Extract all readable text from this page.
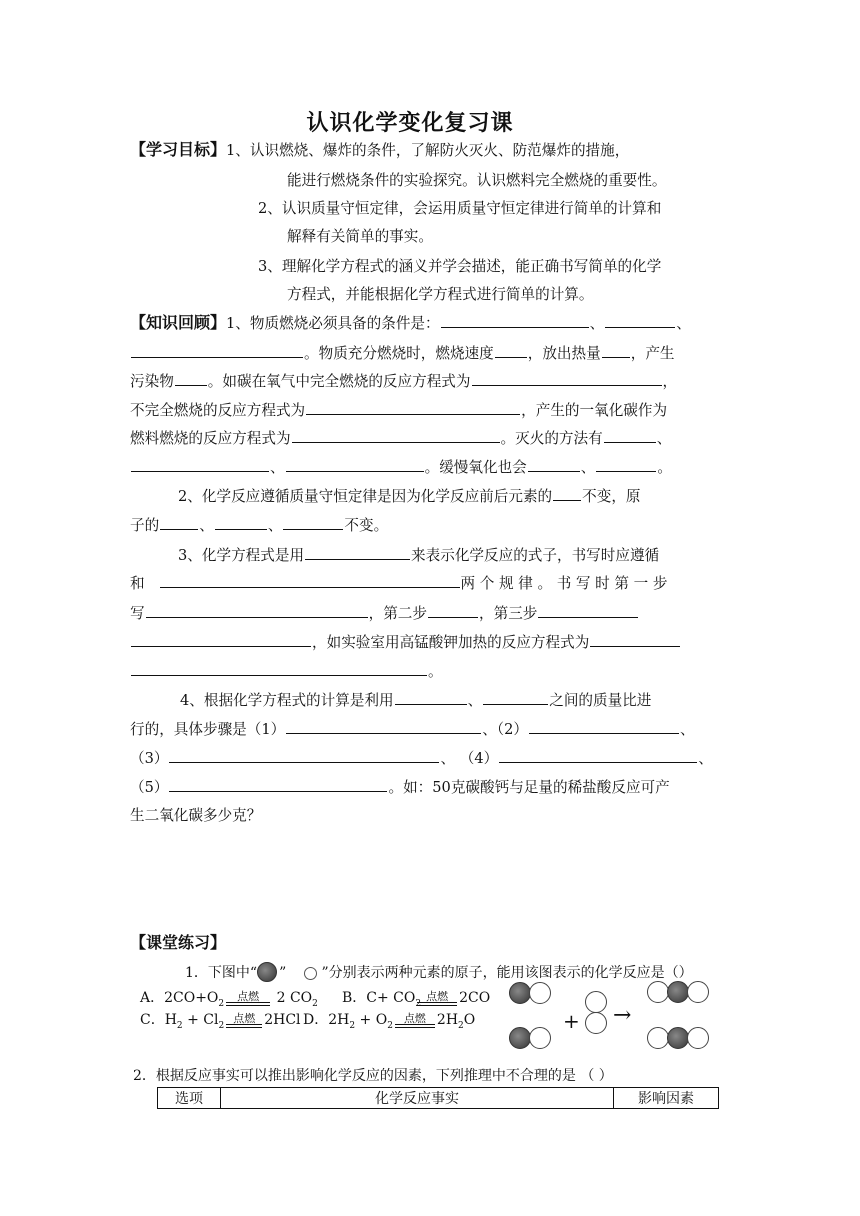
认识化学变化复习课
【学习目标】1、认识燃烧、爆炸的条件，了解防火灭火、防范爆炸的措施，
能进行燃烧条件的实验探究。认识燃料完全燃烧的重要性。
2、认识质量守恒定律，会运用质量守恒定律进行简单的计算和
解释有关简单的事实。
3、理解化学方程式的涵义并学会描述，能正确书写简单的化学
方程式，并能根据化学方程式进行简单的计算。
【知识回顾】1、物质燃烧必须具备的条件是：	、	、
。物质充分燃烧时，燃烧速度 ，放出热量 ，产生
污染物 。如碳在氧气中完全燃烧的反应方程式为	，
不完全燃烧的反应方程式为	，产生的一氧化碳作为
燃料燃烧的反应方程式为	。灭火的方法有	、
、	。缓慢氧化也会	、	。
2、化学反应遵循质量守恒定律是因为化学反应前后元素的 不变，原
子的	、	、	不变。
3、化学方程式是用	来表示化学反应的式子，书写时应遵循
和	两 个 规 律 。 书 写 时 第 一 步
写	，第二步	，第三步
，如实验室用高锰酸钾加热的反应方程式为
。
4、根据化学方程式的计算是利用	、	之间的质量比进
行的，具体步骤是（1）	、（2）	、
（3）	、 （4）	、
（5）	。如：50克碳酸钙与足量的稀盐酸反应可产
生二氧化碳多少克？
【课堂练习】
1．下图中“ ”	”分别表示两种元素的原子，能用该图表示的化学反应是（）
A．$2CO+O_2$
点燃	2 $CO_2$ B．$C+ CO_2$
点燃 2CO
C．$H_2 + Cl_2$
点燃 2HCl D．$2H_2 + O_2$
点燃 $2H_2O$	+ →
2．根据反应事实可以推出影响化学反应的因素，下列推理中不合理的是 （ ）
选项	化学反应事实	影响因素
